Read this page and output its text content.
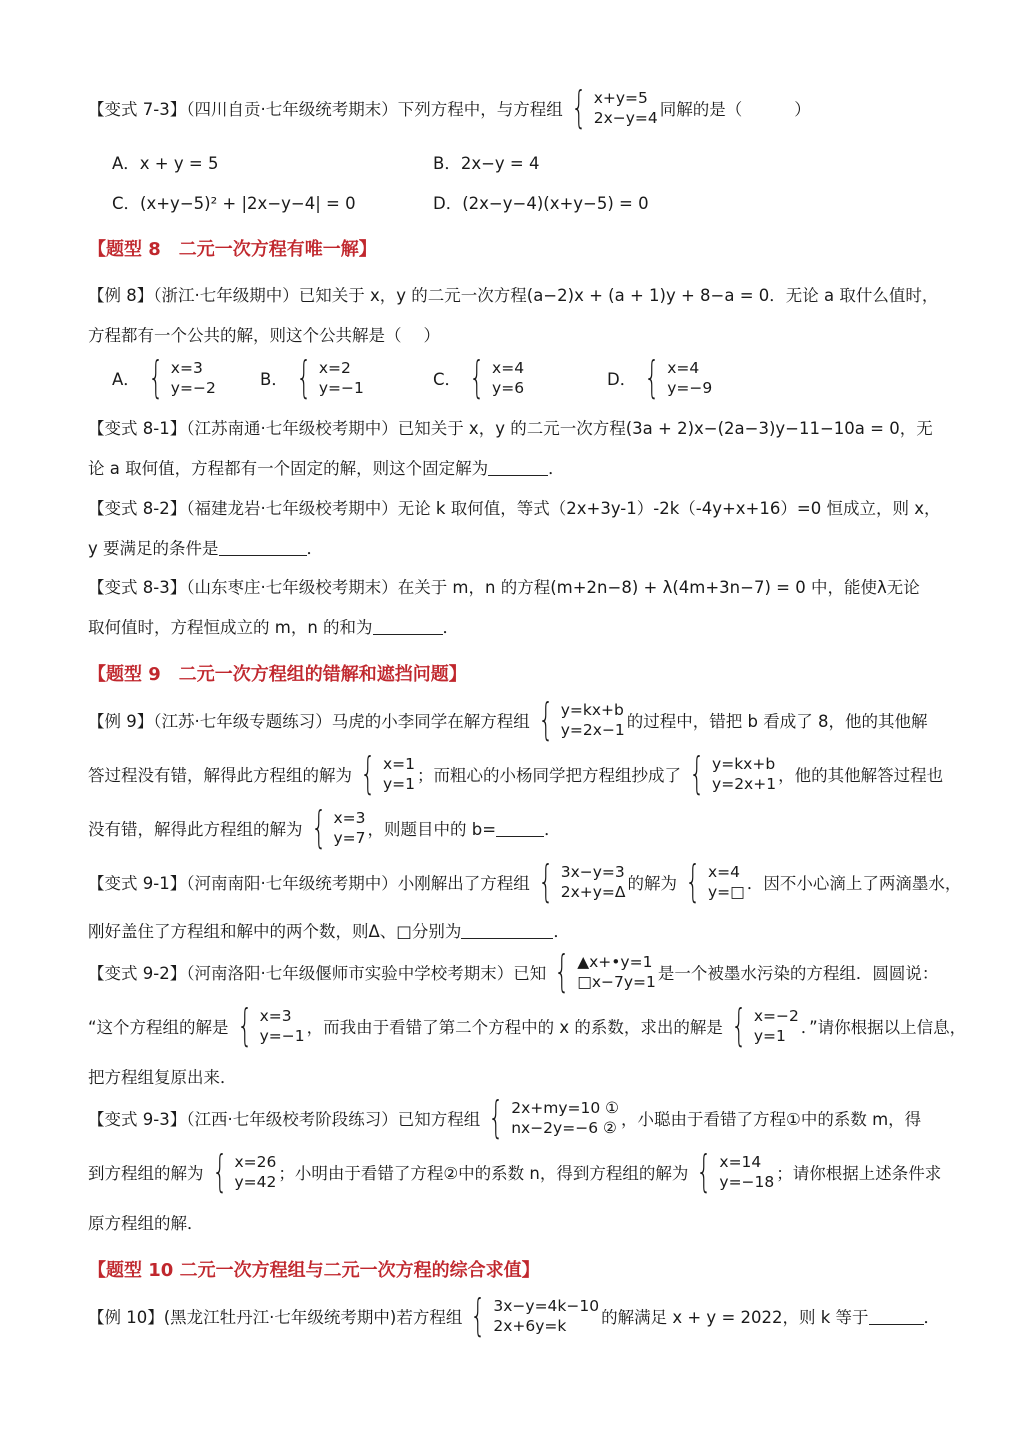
【变式 7-3】（四川自贡·七年级统考期末）下列方程中，与方程组 { x+y=5
2x−y=4 同解的是（	）
A．x + y = 5	B．2x−y = 4
C．(x+y−5)² + |2x−y−4| = 0	D．(2x−y−4)(x+y−5) = 0
【题型 8　二元一次方程有唯一解】
【例 8】（浙江·七年级期中）已知关于 x，y 的二元一次方程(a−2)x + (a + 1)y + 8−a = 0．无论 a 取什么值时，
方程都有一个公共的解，则这个公共解是（ ）
A． { x=3
y=−2	B． { x=2
y=−1	C． { x=4
y=6	D． { x=4
y=−9
【变式 8-1】（江苏南通·七年级校考期中）已知关于 x，y 的二元一次方程(3a + 2)x−(2a−3)y−11−10a = 0，无
论 a 取何值，方程都有一个固定的解，则这个固定解为	．
【变式 8-2】（福建龙岩·七年级校考期中）无论 k 取何值，等式（2x+3y-1）-2k（-4y+x+16）=0 恒成立，则 x，
y 要满足的条件是	．
【变式 8-3】（山东枣庄·七年级校考期末）在关于 m，n 的方程(m+2n−8) + λ(4m+3n−7) = 0 中，能使λ无论
取何值时，方程恒成立的 m，n 的和为	．
【题型 9　二元一次方程组的错解和遮挡问题】
【例 9】（江苏·七年级专题练习）马虎的小李同学在解方程组 { y=kx+b
y=2x−1 的过程中，错把 b 看成了 8，他的其他解
答过程没有错，解得此方程组的解为 { x=1
y=1 ；而粗心的小杨同学把方程组抄成了 { y=kx+b
y=2x+1 ，他的其他解答过程也
没有错，解得此方程组的解为 { x=3
y=7 ，则题目中的 b=	．
【变式 9-1】（河南南阳·七年级统考期中）小刚解出了方程组 { 3x−y=3
2x+y=Δ 的解为 { x=4
y=□ ．因不小心滴上了两滴墨水，
刚好盖住了方程组和解中的两个数，则Δ、□分别为	．
【变式 9-2】（河南洛阳·七年级偃师市实验中学校考期末）已知 { ▲x+•y=1
□x−7y=1 是一个被墨水污染的方程组．圆圆说：
“这个方程组的解是 { x=3
y=−1 ，而我由于看错了第二个方程中的 x 的系数，求出的解是 { x=−2
y=1 ．”请你根据以上信息，
把方程组复原出来．
【变式 9-3】（江西·七年级校考阶段练习）已知方程组 { 2x+my=10 ①
nx−2y=−6 ② ，小聪由于看错了方程①中的系数 m，得
到方程组的解为 { x=26
y=42 ；小明由于看错了方程②中的系数 n，得到方程组的解为 { x=14
y=−18 ；请你根据上述条件求
原方程组的解．
【题型 10 二元一次方程组与二元一次方程的综合求值】
【例 10】(黑龙江牡丹江·七年级统考期中)若方程组 { 3x−y=4k−10
2x+6y=k	的解满足 x + y = 2022，则 k 等于	．
